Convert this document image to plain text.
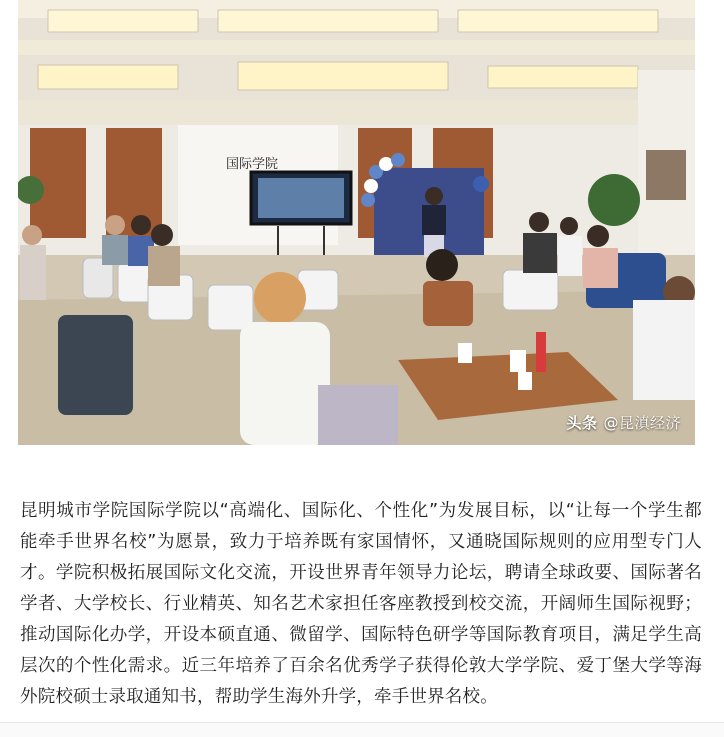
国际学院
头条 @昆滇经济

昆明城市学院国际学院以“高端化、国际化、个性化”为发展目标，以“让每一个学生都能牵手世界名校”为愿景，致力于培养既有家国情怀，又通晓国际规则的应用型专门人才。学院积极拓展国际文化交流，开设世界青年领导力论坛，聘请全球政要、国际著名学者、大学校长、行业精英、知名艺术家担任客座教授到校交流，开阔师生国际视野；推动国际化办学，开设本硕直通、微留学、国际特色研学等国际教育项目，满足学生高层次的个性化需求。近三年培养了百余名优秀学子获得伦敦大学学院、爱丁堡大学等海外院校硕士录取通知书，帮助学生海外升学，牵手世界名校。
